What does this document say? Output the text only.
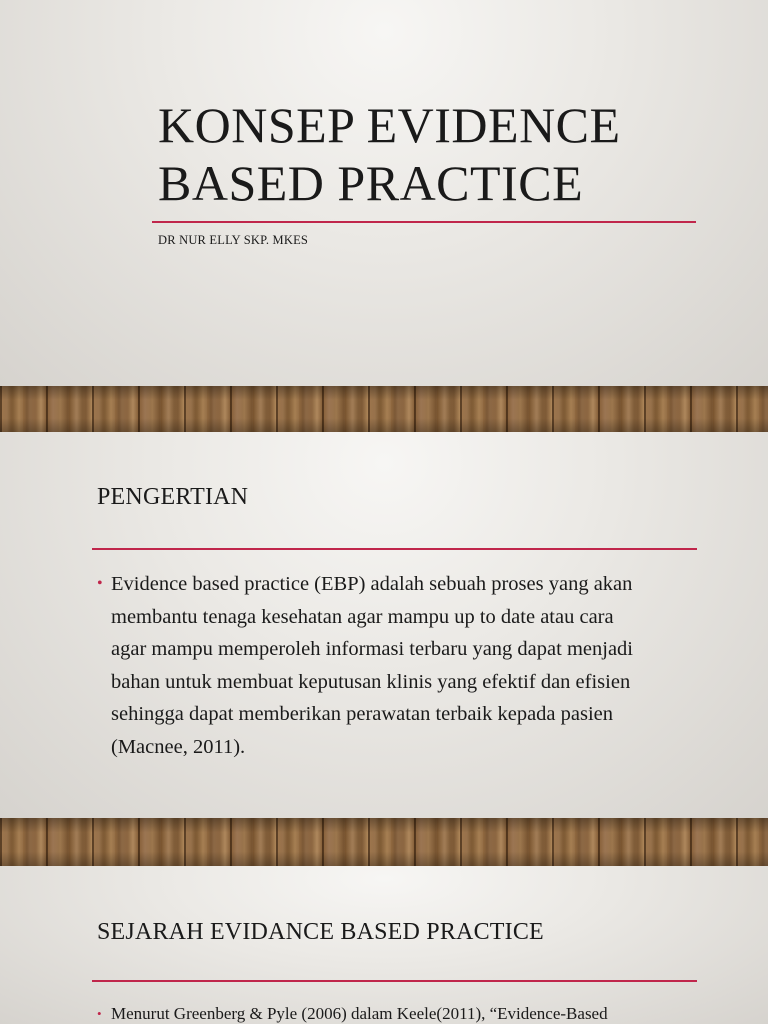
KONSEP EVIDENCE
BASED PRACTICE

DR NUR ELLY SKP. MKES

PENGERTIAN
• Evidence based practice (EBP) adalah sebuah proses yang akan
membantu tenaga kesehatan agar mampu up to date atau cara
agar mampu memperoleh informasi terbaru yang dapat menjadi
bahan untuk membuat keputusan klinis yang efektif dan efisien
sehingga dapat memberikan perawatan terbaik kepada pasien
(Macnee, 2011).
SEJARAH EVIDANCE BASED PRACTICE
• Menurut Greenberg & Pyle (2006) dalam Keele(2011), “Evidence-Based
